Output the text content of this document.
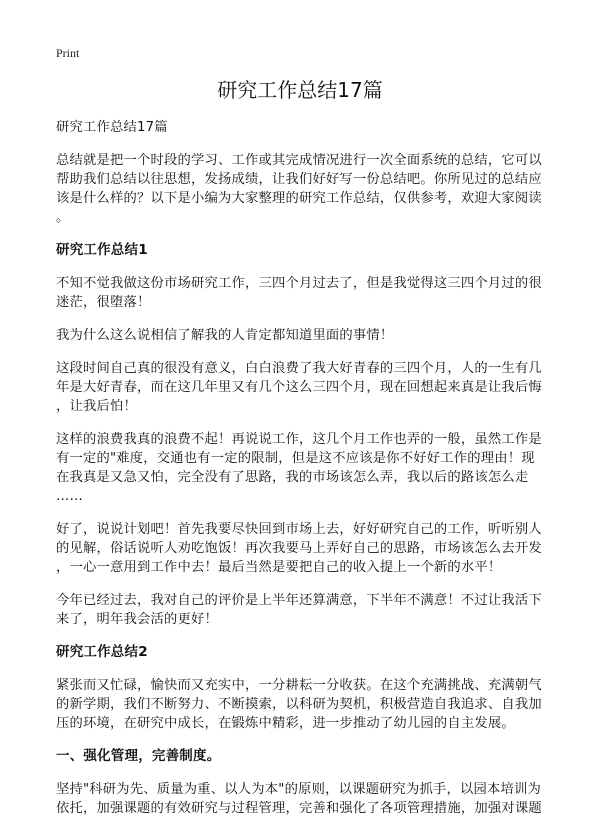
Print
研究工作总结17篇
研究工作总结17篇
总结就是把一个时段的学习、工作或其完成情况进行一次全面系统的总结，它可以
帮助我们总结以往思想，发扬成绩，让我们好好写一份总结吧。你所见过的总结应
该是什么样的？以下是小编为大家整理的研究工作总结，仅供参考，欢迎大家阅读
。
研究工作总结1
不知不觉我做这份市场研究工作，三四个月过去了，但是我觉得这三四个月过的很
迷茫，很堕落！
我为什么这么说相信了解我的人肯定都知道里面的事情！
这段时间自己真的很没有意义，白白浪费了我大好青春的三四个月，人的一生有几
年是大好青春，而在这几年里又有几个这么三四个月，现在回想起来真是让我后悔
，让我后怕！
这样的浪费我真的浪费不起！再说说工作，这几个月工作也弄的一般，虽然工作是
有一定的"难度，交通也有一定的限制，但是这不应该是你不好好工作的理由！现
在我真是又急又怕，完全没有了思路，我的市场该怎么弄，我以后的路该怎么走
……
好了，说说计划吧！首先我要尽快回到市场上去，好好研究自己的工作，听听别人
的见解，俗话说听人劝吃饱饭！再次我要马上弄好自己的思路，市场该怎么去开发
，一心一意用到工作中去！最后当然是要把自己的收入提上一个新的水平！
今年已经过去，我对自己的评价是上半年还算满意，下半年不满意！不过让我活下
来了，明年我会活的更好！
研究工作总结2
紧张而又忙碌，愉快而又充实中，一分耕耘一分收获。在这个充满挑战、充满朝气
的新学期，我们不断努力、不断摸索，以科研为契机，积极营造自我追求、自我加
压的环境，在研究中成长，在锻炼中精彩，进一步推动了幼儿园的自主发展。
一、强化管理，完善制度。
坚持"科研为先、质量为重、以人为本"的原则，以课题研究为抓手，以园本培训为
依托，加强课题的有效研究与过程管理，完善和强化了各项管理措施，加强对课题
